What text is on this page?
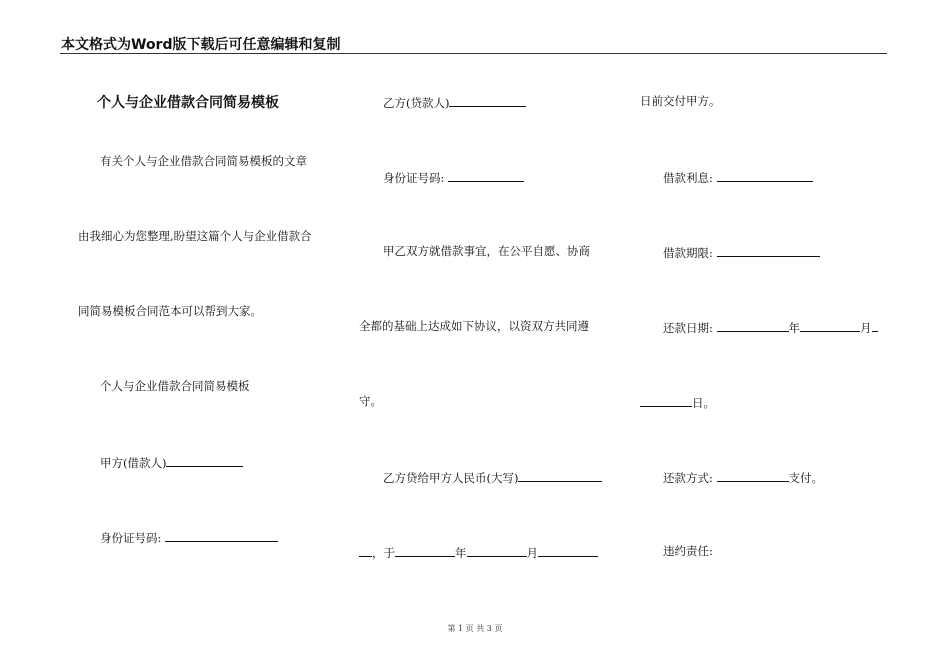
本文格式为Word版下载后可任意编辑和复制
个人与企业借款合同简易模板
有关个人与企业借款合同简易模板的文章
由我细心为您整理,盼望这篇个人与企业借款合
同简易模板合同范本可以帮到大家。
个人与企业借款合同简易模板
甲方(借款人)
身份证号码:
乙方(贷款人)
身份证号码:
甲乙双方就借款事宜，在公平自愿、协商
全都的基础上达成如下协议，以资双方共同遵
守。
乙方贷给甲方人民币(大写)
，于	年	月
日前交付甲方。
借款利息:
借款期限:
还款日期:	年	月
日。
还款方式:	支付。
违约责任:
第 1 页 共 3 页
